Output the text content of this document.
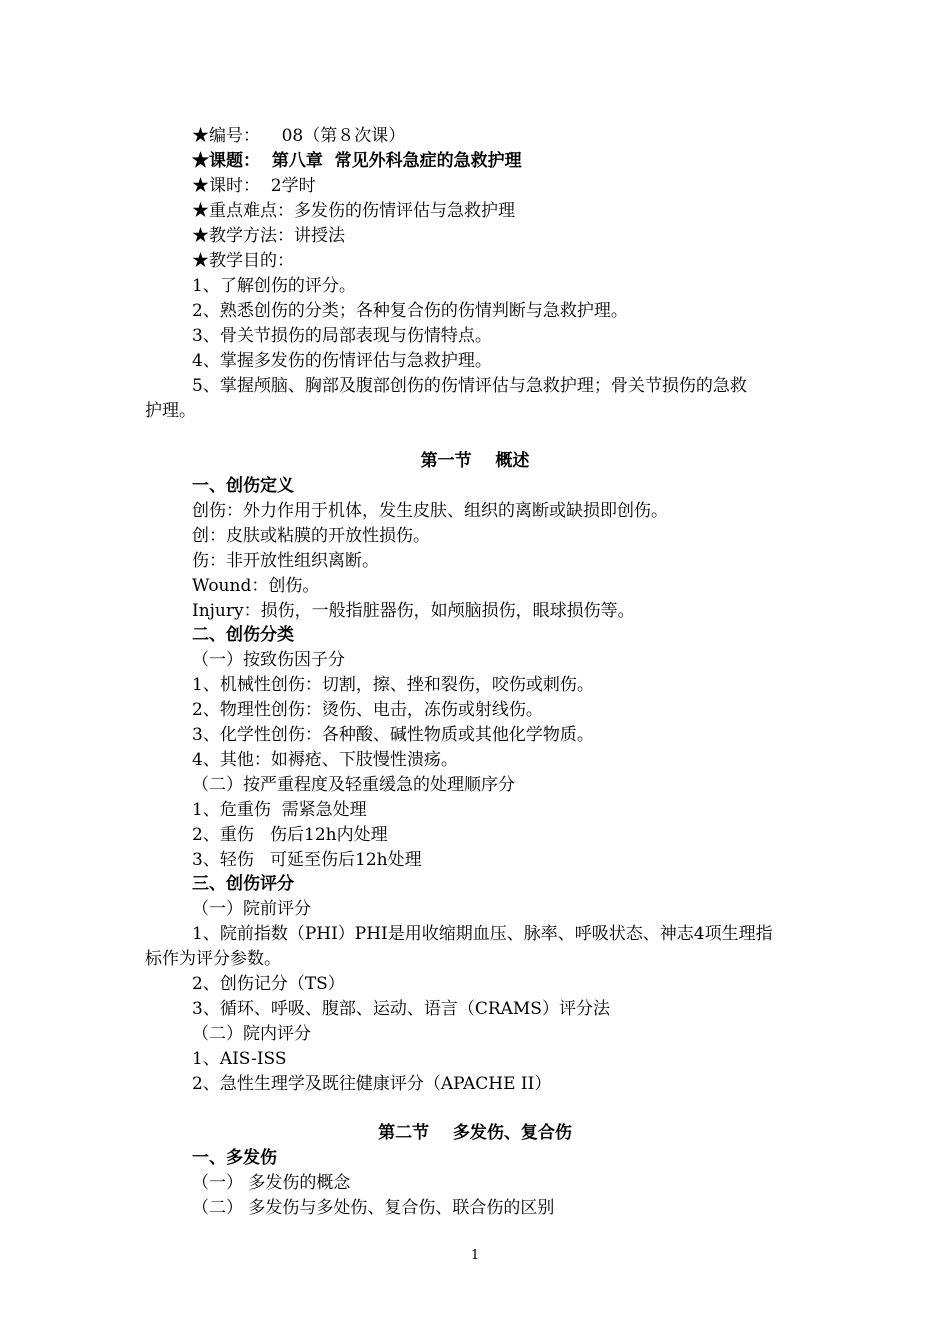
★编号：    08（第８次课）
★课题：  第八章  常见外科急症的急救护理
★课时：  2学时
★重点难点：多发伤的伤情评估与急救护理
★教学方法：讲授法
★教学目的：
1、了解创伤的评分。
2、熟悉创伤的分类；各种复合伤的伤情判断与急救护理。
3、骨关节损伤的局部表现与伤情特点。
4、掌握多发伤的伤情评估与急救护理。
5、掌握颅脑、胸部及腹部创伤的伤情评估与急救护理；骨关节损伤的急救
护理。
第一节    概述
一、创伤定义
创伤：外力作用于机体，发生皮肤、组织的离断或缺损即创伤。
创：皮肤或粘膜的开放性损伤。
伤：非开放性组织离断。
Wound：创伤。
Injury：损伤，一般指脏器伤，如颅脑损伤，眼球损伤等。
二、创伤分类
（一）按致伤因子分
1、机械性创伤：切割，擦、挫和裂伤，咬伤或刺伤。
2、物理性创伤：烫伤、电击，冻伤或射线伤。
3、化学性创伤：各种酸、碱性物质或其他化学物质。
4、其他：如褥疮、下肢慢性溃疡。
（二）按严重程度及轻重缓急的处理顺序分
1、危重伤  需紧急处理
2、重伤   伤后12h内处理
3、轻伤   可延至伤后12h处理
三、创伤评分
（一）院前评分
1、院前指数（PHI）PHI是用收缩期血压、脉率、呼吸状态、神志4项生理指
标作为评分参数。
2、创伤记分（TS）
3、循环、呼吸、腹部、运动、语言（CRAMS）评分法
（二）院内评分
1、AIS-ISS
2、急性生理学及既往健康评分（APACHE II）
第二节    多发伤、复合伤
一、多发伤
（一） 多发伤的概念
（二） 多发伤与多处伤、复合伤、联合伤的区别
1
